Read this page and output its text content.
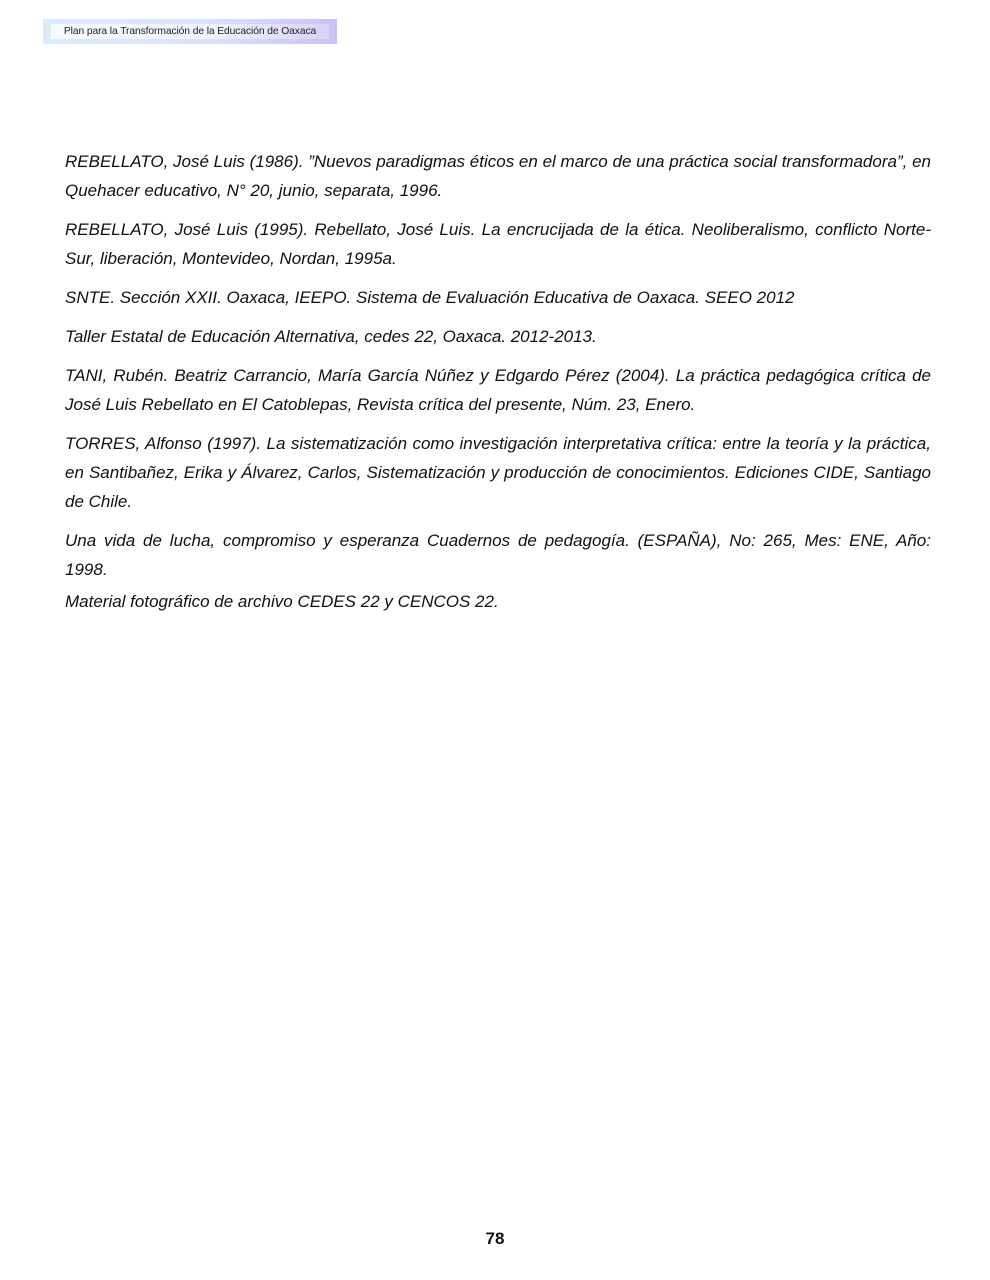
Plan para la Transformación de la Educación de Oaxaca

REBELLATO, José Luis (1986). ”Nuevos paradigmas éticos en el marco de una práctica social transformadora”, en Quehacer educativo, N° 20, junio, separata, 1996.

REBELLATO, José Luis (1995). Rebellato, José Luis. La encrucijada de la ética. Neoliberalismo, conflicto Norte-Sur, liberación, Montevideo, Nordan, 1995a.

SNTE. Sección XXII. Oaxaca, IEEPO. Sistema de Evaluación Educativa de Oaxaca. SEEO 2012

Taller Estatal de Educación Alternativa, cedes 22, Oaxaca. 2012-2013.

TANI, Rubén. Beatriz Carrancio, María García Núñez y Edgardo Pérez (2004). La práctica pedagógica crítica de José Luis Rebellato en El Catoblepas, Revista crítica del presente, Núm. 23, Enero.

TORRES, Alfonso (1997). La sistematización como investigación interpretativa crítica: entre la teoría y la práctica, en Santibañez, Erika y Álvarez, Carlos, Sistematización y producción de conocimientos. Ediciones CIDE, Santiago de Chile.

Una vida de lucha, compromiso y esperanza Cuadernos de pedagogía. (ESPAÑA), No: 265, Mes: ENE, Año: 1998.

Material fotográfico de archivo CEDES 22 y CENCOS 22.

78
